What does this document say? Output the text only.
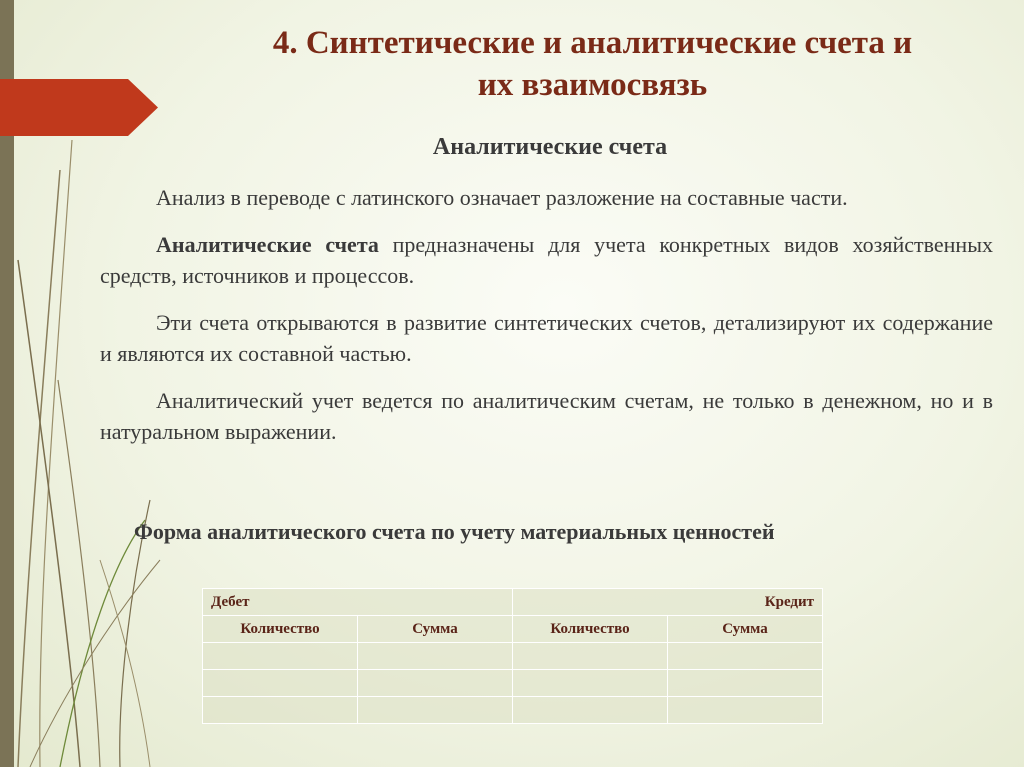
4. Синтетические и аналитические счета и
их взаимосвязь
Аналитические счета

Анализ в переводе с латинского означает разложение на составные части.

Аналитические счета предназначены для учета конкретных видов хозяйственных средств, источников и процессов.

Эти счета открываются в развитие синтетических счетов, детализируют их содержание и являются их составной частью.

Аналитический учет ведется по аналитическим счетам, не только в денежном, но и в натуральном выражении.

Форма аналитического счета по учету материальных ценностей

Дебет		Кредит	
Количество	Сумма	Количество	Сумма
